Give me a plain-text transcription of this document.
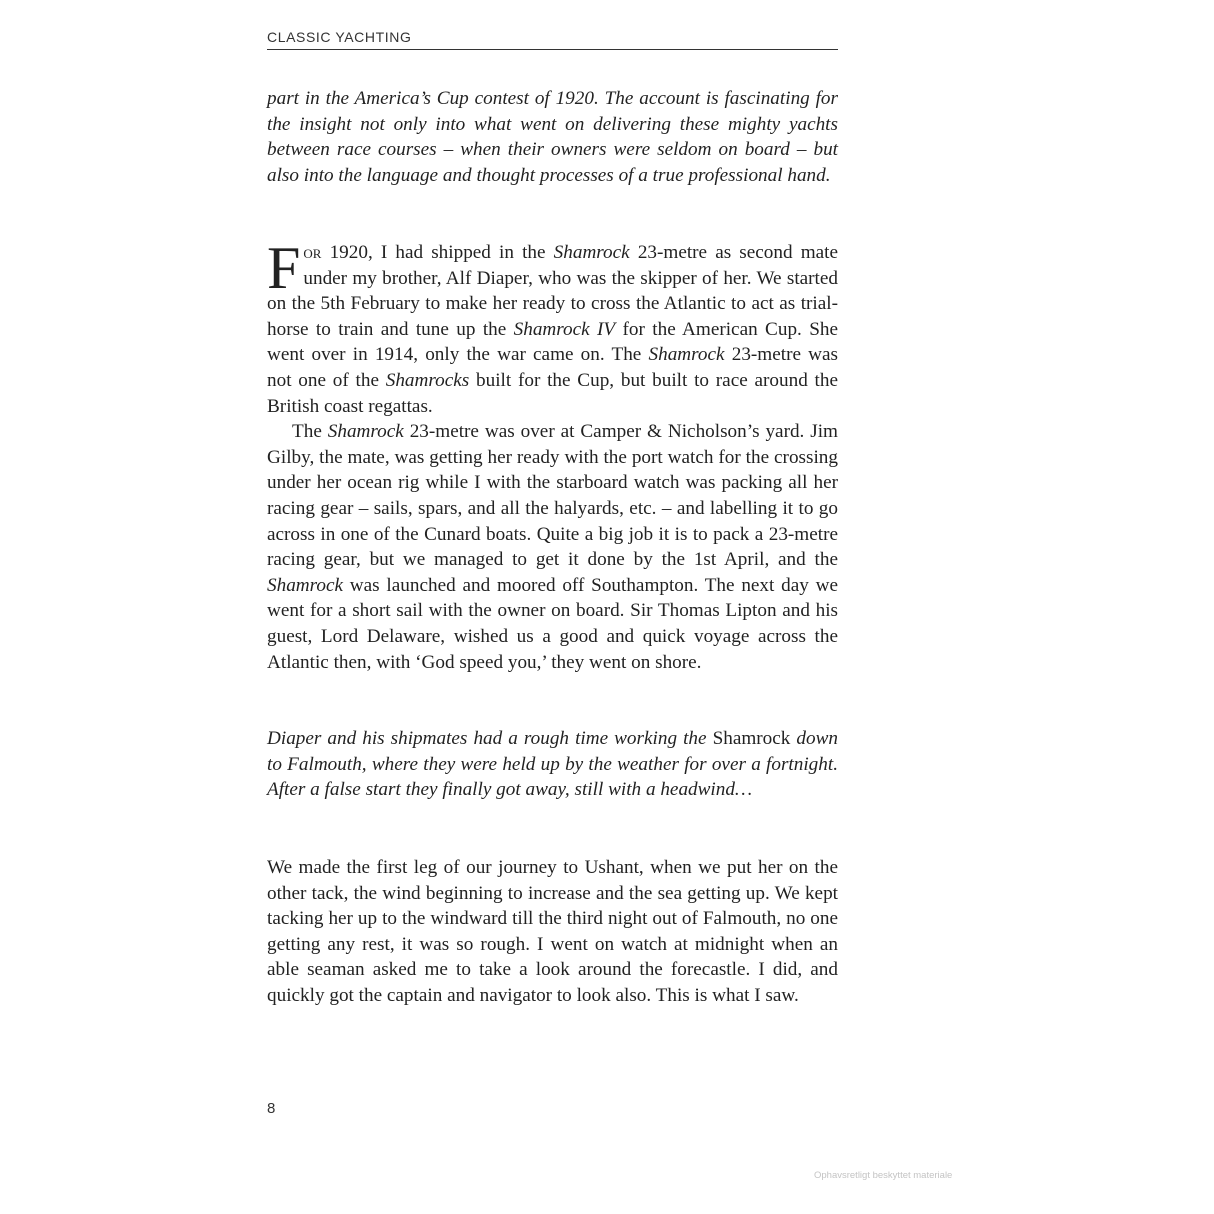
CLASSIC YACHTING

part in the America’s Cup contest of 1920. The account is fascinating for the insight not only into what went on delivering these mighty yachts between race courses – when their owners were seldom on board – but also into the language and thought processes of a true professional hand.

For 1920, I had shipped in the Shamrock 23-metre as second mate under my brother, Alf Diaper, who was the skipper of her. We started on the 5th February to make her ready to cross the Atlantic to act as trial-horse to train and tune up the Shamrock IV for the American Cup. She went over in 1914, only the war came on. The Shamrock 23-metre was not one of the Shamrocks built for the Cup, but built to race around the British coast regattas.

The Shamrock 23-metre was over at Camper & Nicholson’s yard. Jim Gilby, the mate, was getting her ready with the port watch for the crossing under her ocean rig while I with the starboard watch was packing all her racing gear – sails, spars, and all the halyards, etc. – and labelling it to go across in one of the Cunard boats. Quite a big job it is to pack a 23-metre racing gear, but we managed to get it done by the 1st April, and the Shamrock was launched and moored off Southampton. The next day we went for a short sail with the owner on board. Sir Thomas Lipton and his guest, Lord Delaware, wished us a good and quick voyage across the Atlantic then, with ‘God speed you,’ they went on shore.

Diaper and his shipmates had a rough time working the Shamrock down to Falmouth, where they were held up by the weather for over a fortnight. After a false start they finally got away, still with a headwind…

We made the first leg of our journey to Ushant, when we put her on the other tack, the wind beginning to increase and the sea getting up. We kept tacking her up to the windward till the third night out of Falmouth, no one getting any rest, it was so rough. I went on watch at midnight when an able seaman asked me to take a look around the forecastle. I did, and quickly got the captain and navigator to look also. This is what I saw.

8
Ophavsretligt beskyttet materiale
